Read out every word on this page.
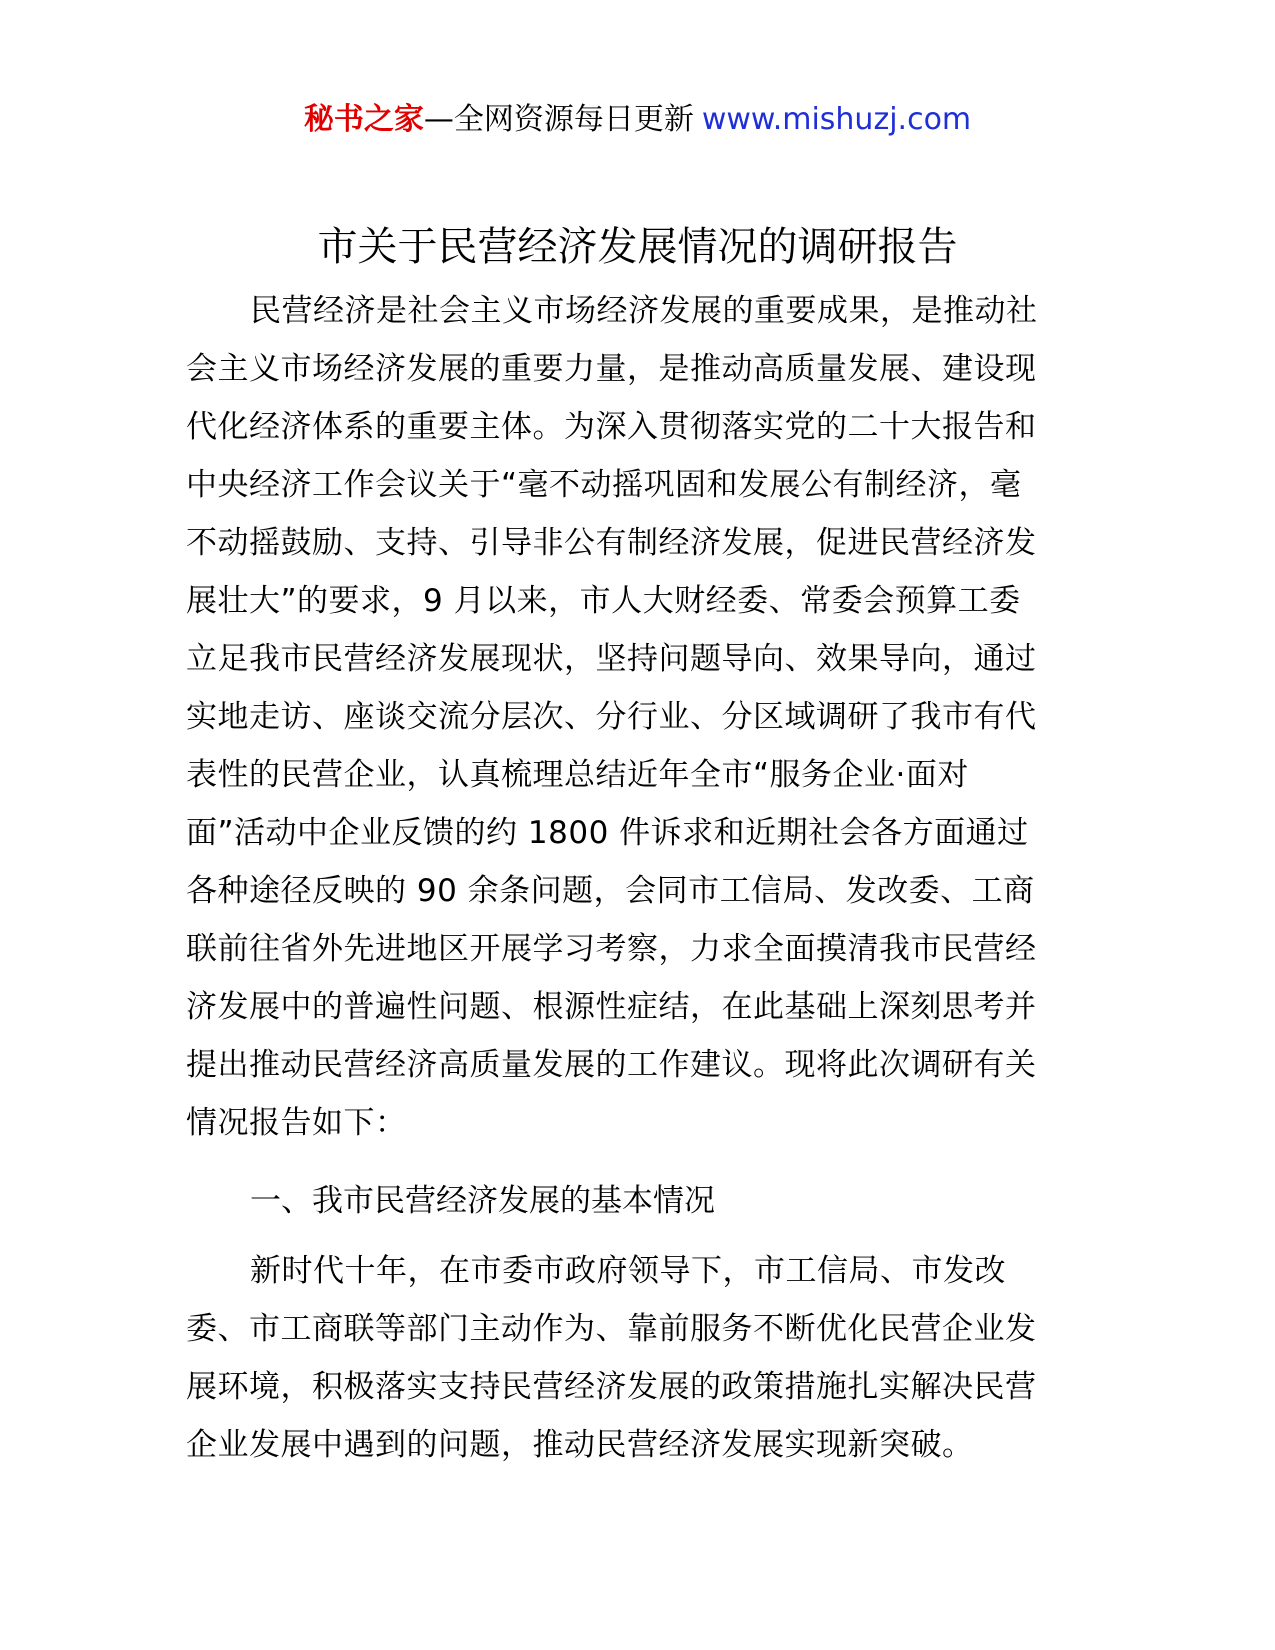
秘书之家—全网资源每日更新 www.mishuzj.com
市关于民营经济发展情况的调研报告
民营经济是社会主义市场经济发展的重要成果，是推动社
会主义市场经济发展的重要力量，是推动高质量发展、建设现
代化经济体系的重要主体。为深入贯彻落实党的二十大报告和
中央经济工作会议关于“毫不动摇巩固和发展公有制经济，毫
不动摇鼓励、支持、引导非公有制经济发展，促进民营经济发
展壮大”的要求，9 月以来，市人大财经委、常委会预算工委
立足我市民营经济发展现状，坚持问题导向、效果导向，通过
实地走访、座谈交流分层次、分行业、分区域调研了我市有代
表性的民营企业，认真梳理总结近年全市“服务企业·面对
面”活动中企业反馈的约 1800 件诉求和近期社会各方面通过
各种途径反映的 90 余条问题，会同市工信局、发改委、工商
联前往省外先进地区开展学习考察，力求全面摸清我市民营经
济发展中的普遍性问题、根源性症结，在此基础上深刻思考并
提出推动民营经济高质量发展的工作建议。现将此次调研有关
情况报告如下：
一、我市民营经济发展的基本情况
新时代十年，在市委市政府领导下，市工信局、市发改
委、市工商联等部门主动作为、靠前服务不断优化民营企业发
展环境，积极落实支持民营经济发展的政策措施扎实解决民营
企业发展中遇到的问题，推动民营经济发展实现新突破。
